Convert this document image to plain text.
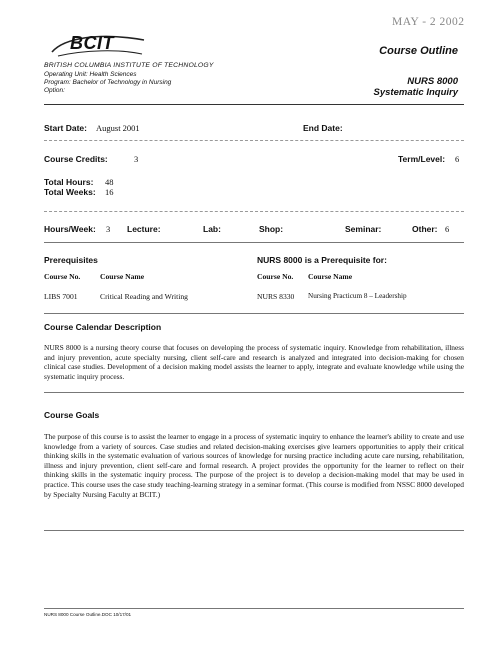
MAY - 2 2002
BCIT
BRITISH COLUMBIA INSTITUTE OF TECHNOLOGY
Operating Unit: Health Sciences
Program: Bachelor of Technology in Nursing
Option:
Course Outline
NURS 8000
Systematic Inquiry
Start Date: August 2001	End Date:
Course Credits:	3	Term/Level: 6
Total Hours: 48
Total Weeks: 16
Hours/Week: 3 Lecture:	Lab:	Shop:	Seminar:	Other: 6
Prerequisites	NURS 8000 is a Prerequisite for:
Course No.	Course Name	Course No. Course Name
LIBS 7001	Critical Reading and Writing	NURS 8330 Nursing Practicum 8 – Leadership
Course Calendar Description
NURS 8000 is a nursing theory course that focuses on developing the process of systematic inquiry. Knowledge from rehabilitation, illness and injury prevention, acute specialty nursing, client self-care and research is analyzed and integrated into decision-making for chosen clinical case studies. Development of a decision making model assists the learner to apply, integrate and evaluate knowledge while using the systematic inquiry process.
Course Goals
The purpose of this course is to assist the learner to engage in a process of systematic inquiry to enhance the learner's ability to create and use knowledge from a variety of sources. Case studies and related decision-making exercises give learners opportunities to apply their critical thinking skills in the systematic evaluation of various sources of knowledge for nursing practice including acute care nursing, rehabilitation, illness and injury prevention, client self-care and formal research. A project provides the opportunity for the learner to reflect on their thinking skills in the systematic inquiry process. The purpose of the project is to develop a decision-making model that may be used in practice. This course uses the case study teaching-learning strategy in a seminar format. (This course is modified from NSSC 8000 developed by Specialty Nursing Faculty at BCIT.)
NURS 8000 Course Outline.DOC 10/17/01
